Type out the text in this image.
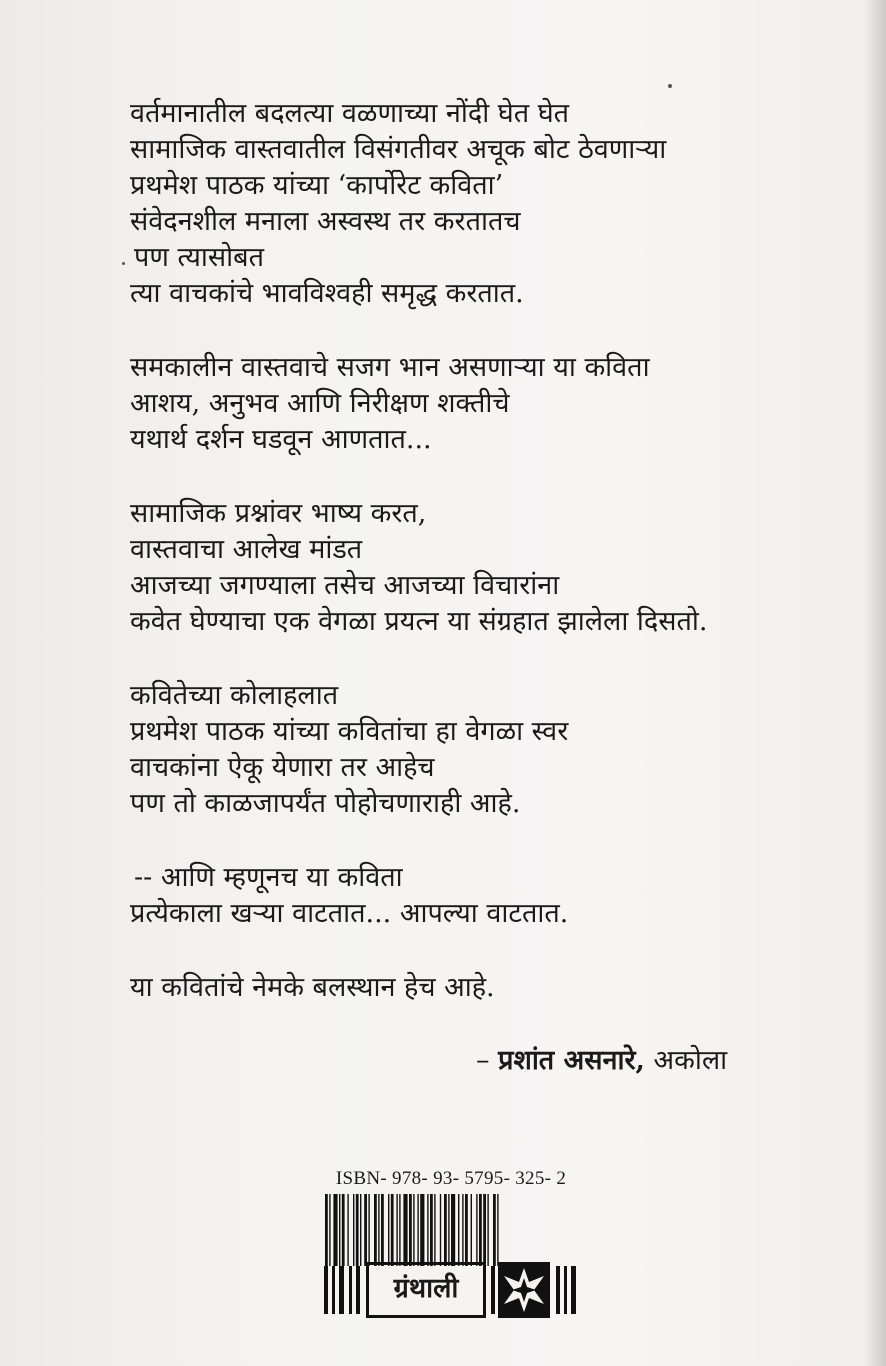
वर्तमानातील बदलत्या वळणाच्या नोंदी घेत घेत
सामाजिक वास्तवातील विसंगतीवर अचूक बोट ठेवणाऱ्या
प्रथमेश पाठक यांच्या ‘कार्पोरेट कविता’
संवेदनशील मनाला अस्वस्थ तर करतातच
पण त्यासोबत
त्या वाचकांचे भावविश्वही समृद्ध करतात.
समकालीन वास्तवाचे सजग भान असणाऱ्या या कविता
आशय, अनुभव आणि निरीक्षण शक्तीचे
यथार्थ दर्शन घडवून आणतात...
सामाजिक प्रश्नांवर भाष्य करत,
वास्तवाचा आलेख मांडत
आजच्या जगण्याला तसेच आजच्या विचारांना
कवेत घेण्याचा एक वेगळा प्रयत्न या संग्रहात झालेला दिसतो.
कवितेच्या कोलाहलात
प्रथमेश पाठक यांच्या कवितांचा हा वेगळा स्वर
वाचकांना ऐकू येणारा तर आहेच
पण तो काळजापर्यंत पोहोचणाराही आहे.
-- आणि म्हणूनच या कविता
प्रत्येकाला खऱ्या वाटतात... आपल्या वाटतात.
या कवितांचे नेमके बलस्थान हेच आहे.
– प्रशांत असनारे, अकोला
ISBN- 978- 93- 5795- 325- 2
ग्रंथाली
